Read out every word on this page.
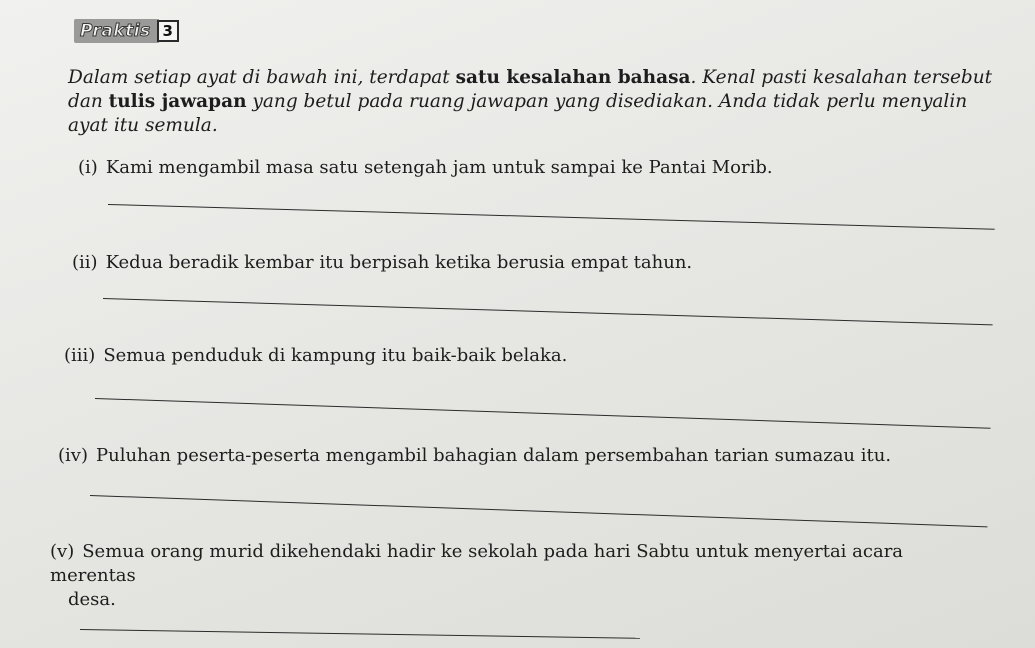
Praktis 3
Dalam setiap ayat di bawah ini, terdapat satu kesalahan bahasa. Kenal pasti kesalahan tersebut dan tulis jawapan yang betul pada ruang jawapan yang disediakan. Anda tidak perlu menyalin ayat itu semula.
(i) Kami mengambil masa satu setengah jam untuk sampai ke Pantai Morib.
(ii) Kedua beradik kembar itu berpisah ketika berusia empat tahun.
(iii) Semua penduduk di kampung itu baik-baik belaka.
(iv) Puluhan peserta-peserta mengambil bahagian dalam persembahan tarian sumazau itu.
(v) Semua orang murid dikehendaki hadir ke sekolah pada hari Sabtu untuk menyertai acara merentas
desa.
